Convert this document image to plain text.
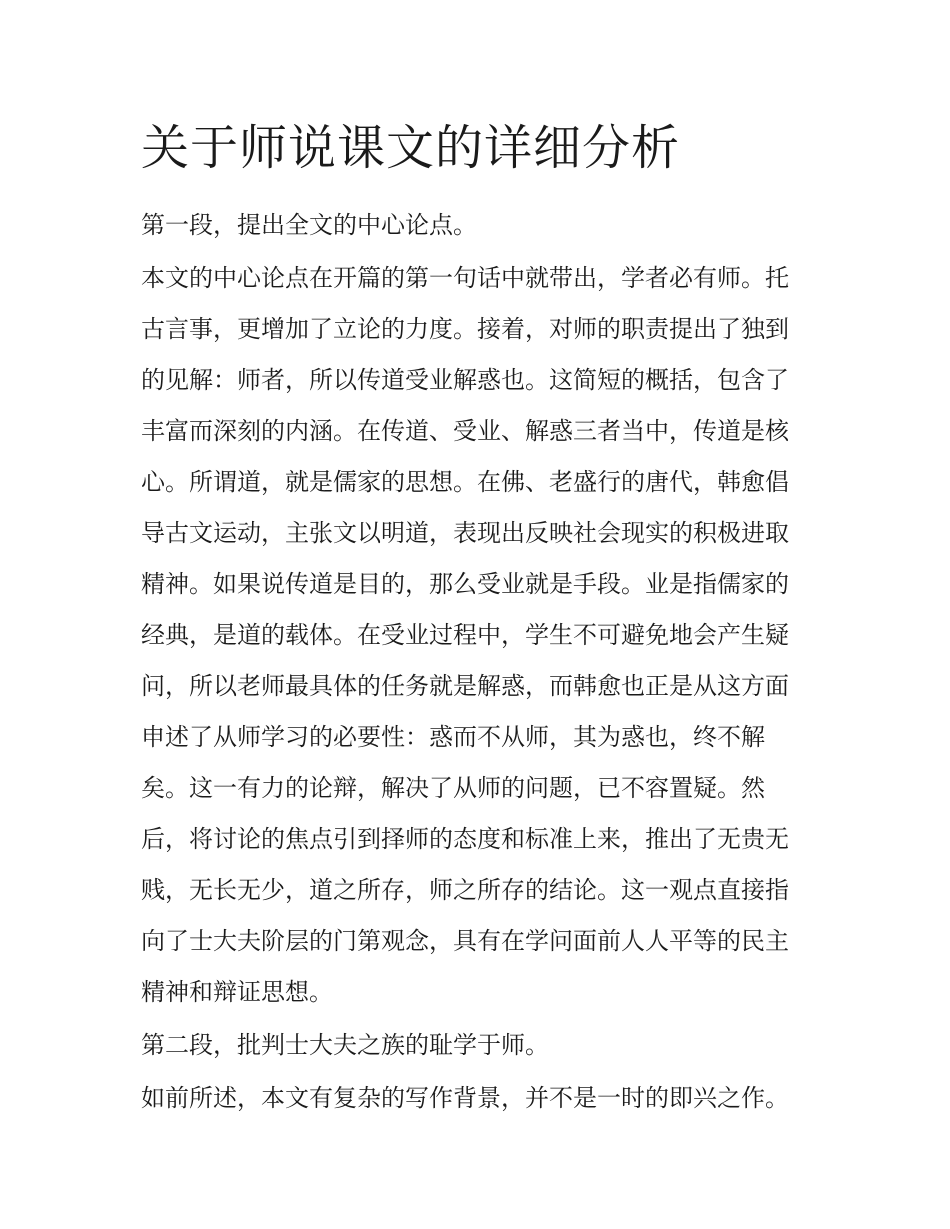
关于师说课文的详细分析

第一段，提出全文的中心论点。

本文的中心论点在开篇的第一句话中就带出，学者必有师。托
古言事，更增加了立论的力度。接着，对师的职责提出了独到
的见解：师者，所以传道受业解惑也。这简短的概括，包含了
丰富而深刻的内涵。在传道、受业、解惑三者当中，传道是核
心。所谓道，就是儒家的思想。在佛、老盛行的唐代，韩愈倡
导古文运动，主张文以明道，表现出反映社会现实的积极进取
精神。如果说传道是目的，那么受业就是手段。业是指儒家的
经典，是道的载体。在受业过程中，学生不可避免地会产生疑
问，所以老师最具体的任务就是解惑，而韩愈也正是从这方面
申述了从师学习的必要性：惑而不从师，其为惑也，终不解
矣。这一有力的论辩，解决了从师的问题，已不容置疑。然
后，将讨论的焦点引到择师的态度和标准上来，推出了无贵无
贱，无长无少，道之所存，师之所存的结论。这一观点直接指
向了士大夫阶层的门第观念，具有在学问面前人人平等的民主
精神和辩证思想。

第二段，批判士大夫之族的耻学于师。

如前所述，本文有复杂的写作背景，并不是一时的即兴之作。
